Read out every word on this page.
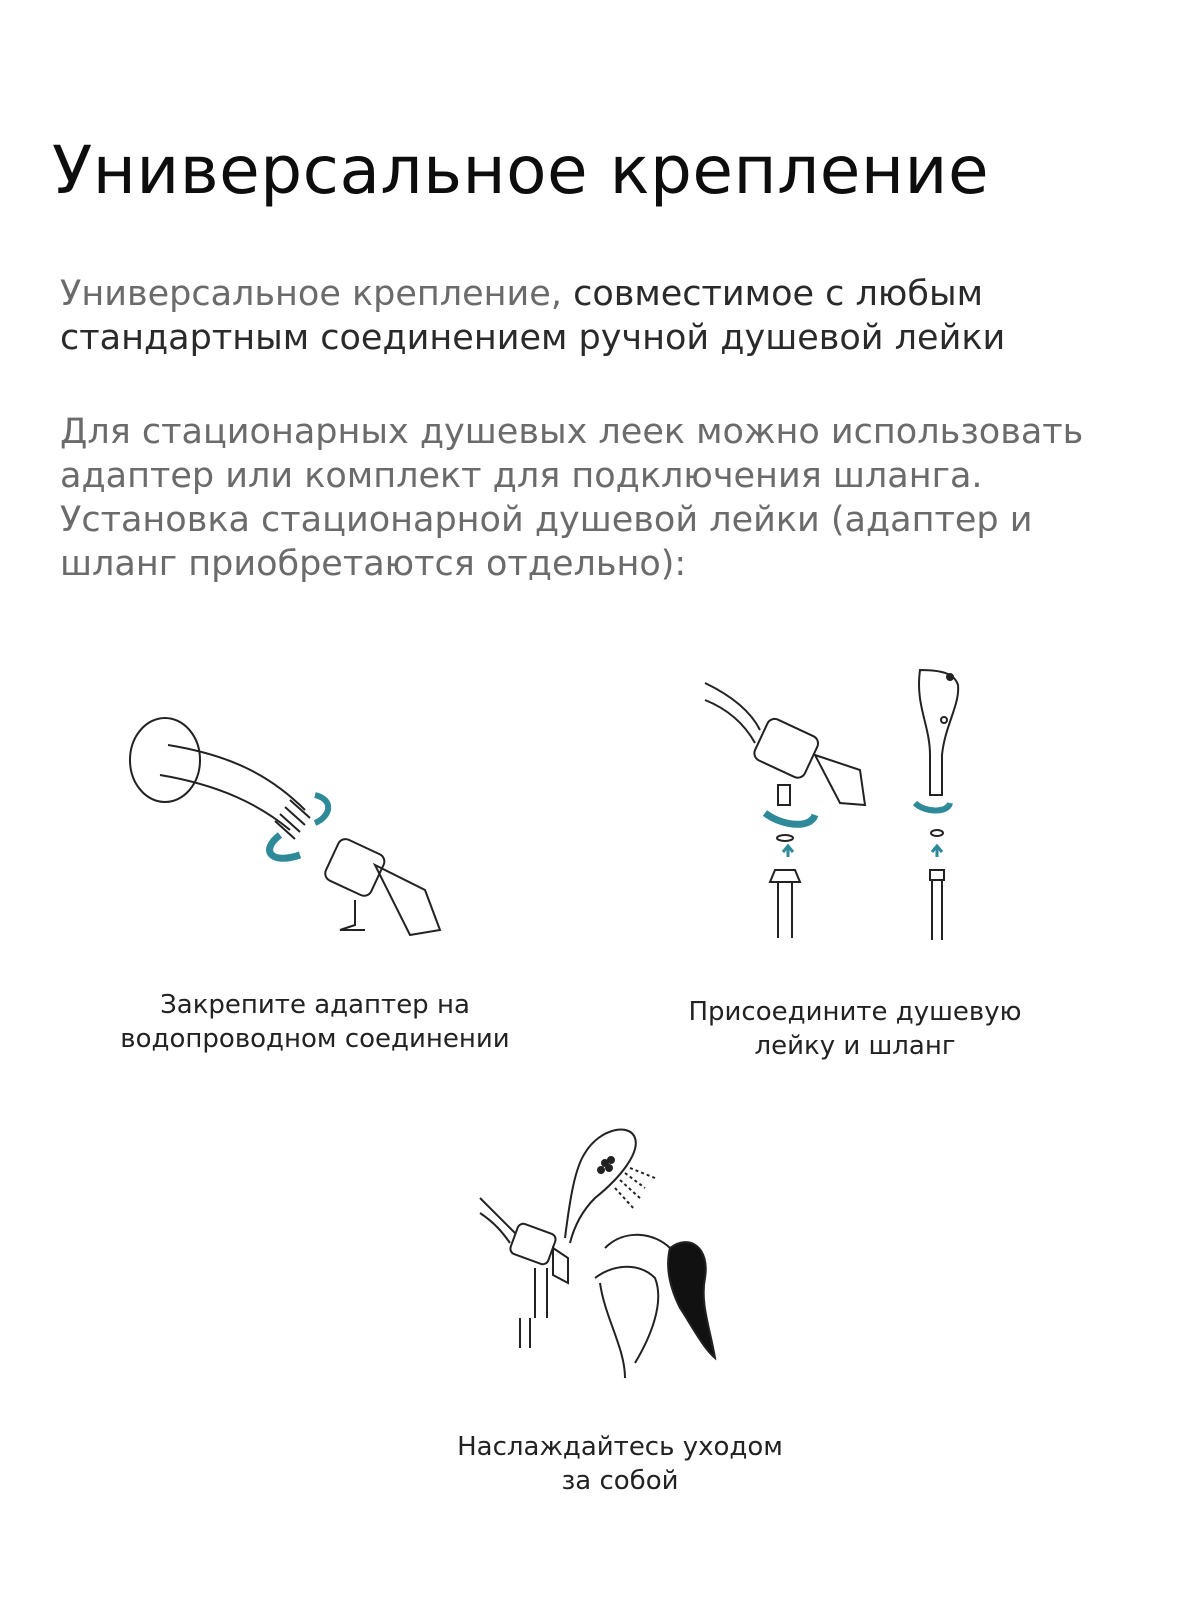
Универсальное крепление
Универсальное крепление, совместимое с любым стандартным соединением ручной душевой лейки
Для стационарных душевых леек можно использовать адаптер или комплект для подключения шланга. Установка стационарной душевой лейки (адаптер и шланг приобретаются отдельно):
Закрепите адаптер на
водопроводном соединении
Присоедините душевую
лейку и шланг
Наслаждайтесь уходом
за собой
